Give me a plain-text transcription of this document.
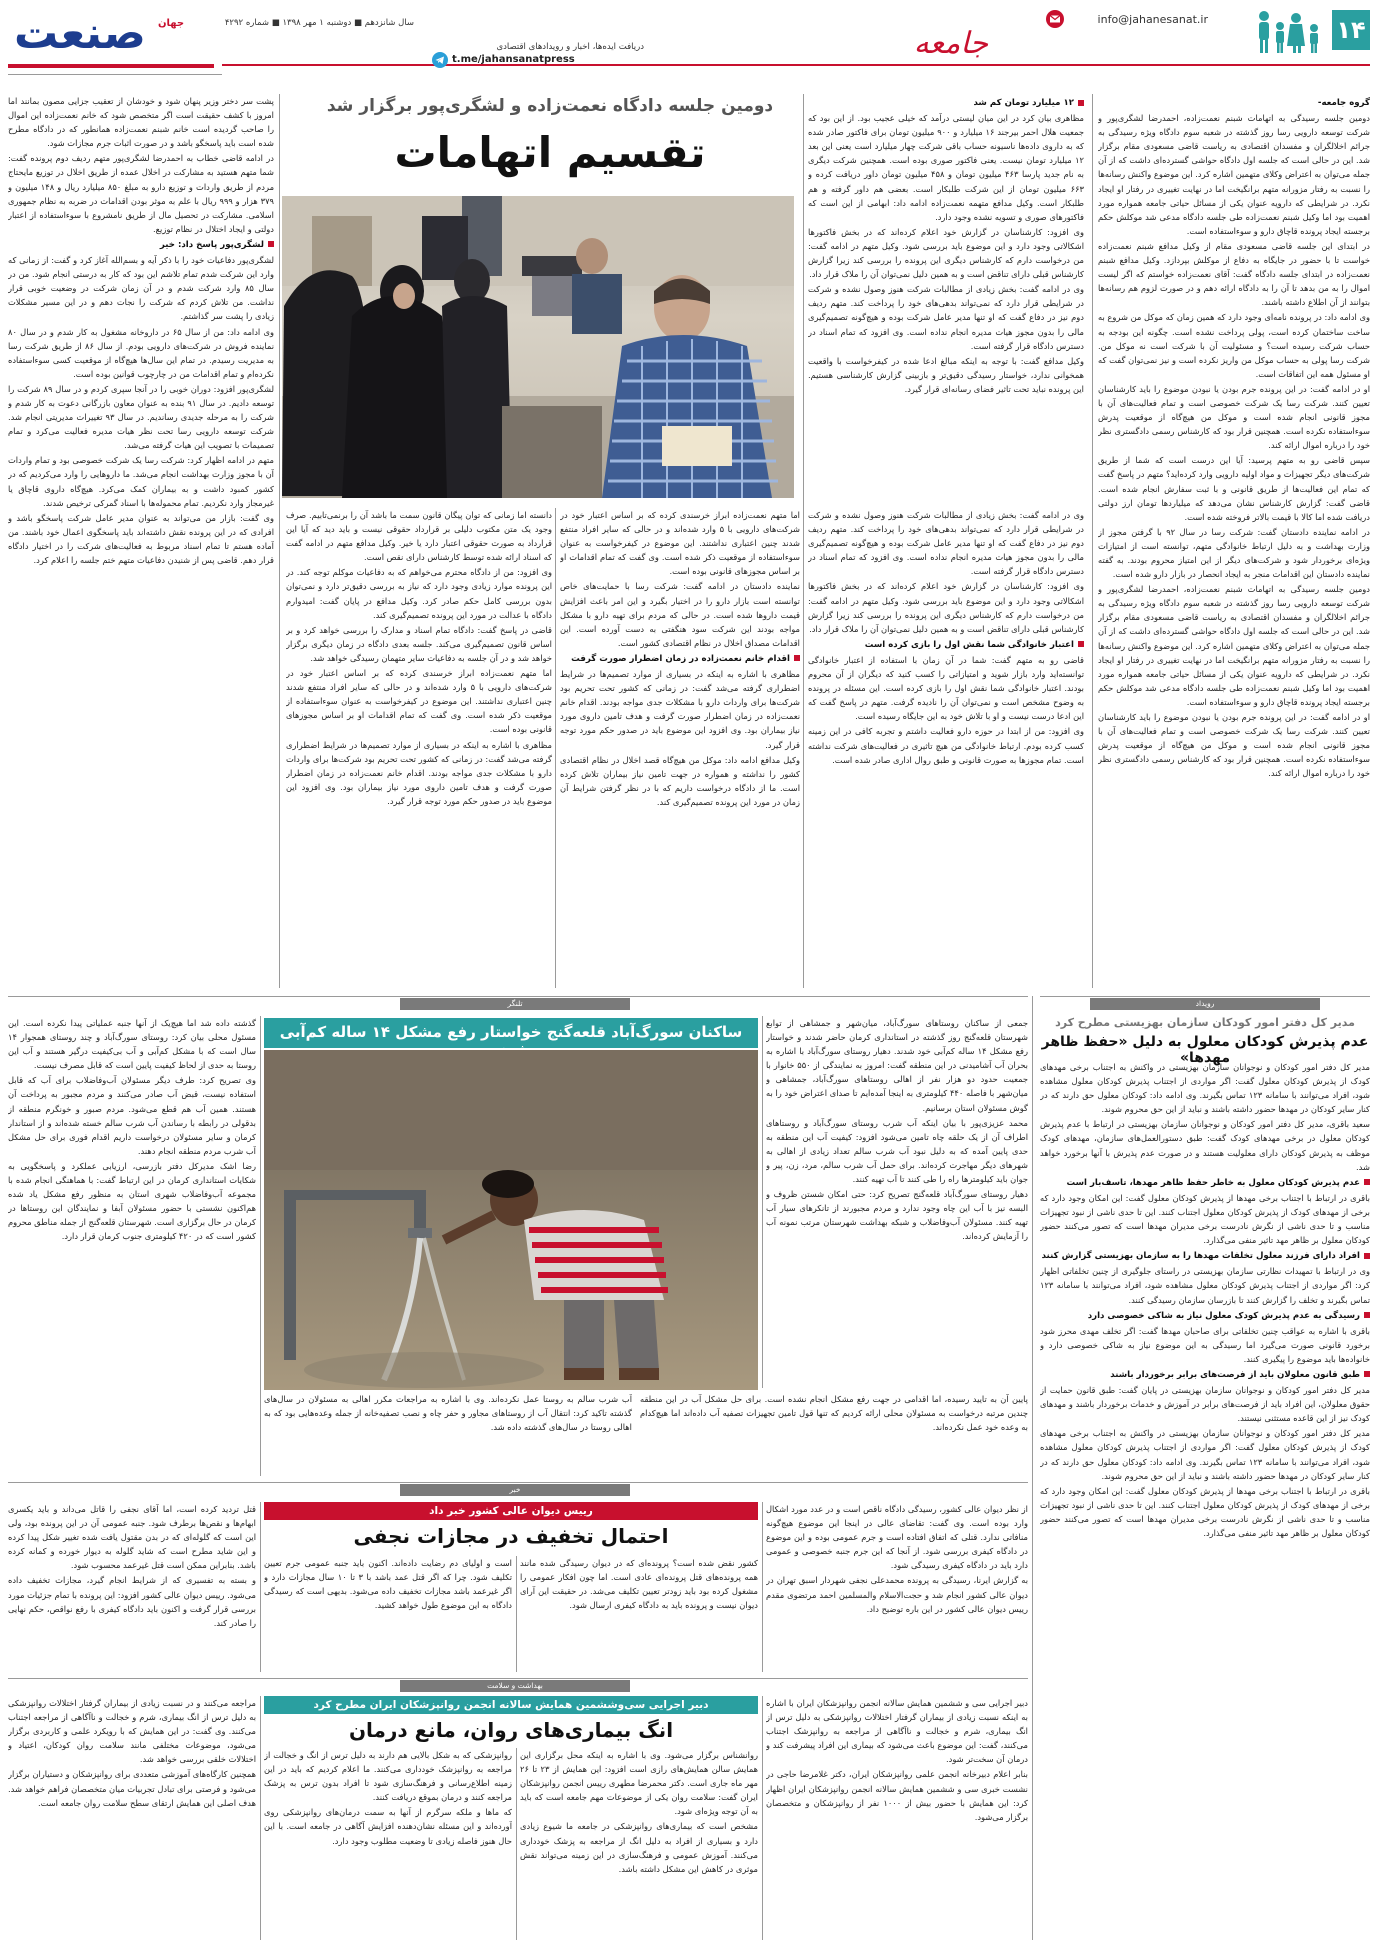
۱۴
info@jahanesanat.ir
جامعه
دریافت ایده‌ها، اخبار و رویدادهای اقتصادی
t.me/jahansanatpress
سال شانزدهم ■ دوشنبه ۱ مهر ۱۳۹۸ ■ شماره ۴۲۹۲
صنعت جهان
دومین جلسه دادگاه نعمت‌زاده و لشگری‌پور برگزار شد
تقسیم اتهامات
گروه جامعه-

دومین جلسه رسیدگی به اتهامات شبنم نعمت‌زاده، احمدرضا لشگری‌پور و شرکت توسعه دارویی رسا روز گذشته در شعبه سوم دادگاه ویژه رسیدگی به جرائم اخلالگران و مفسدان اقتصادی به ریاست قاضی مسعودی مقام برگزار شد. این در حالی است که جلسه اول دادگاه حواشی گسترده‌ای داشت که از آن جمله می‌توان به اعتراض وکلای متهمین اشاره کرد. این موضوع واکنش رسانه‌ها را نسبت به رفتار مزورانه متهم برانگیخت اما در نهایت تغییری در رفتار او ایجاد نکرد. در شرایطی که دارویه عنوان یکی از مسائل حیاتی جامعه همواره مورد اهمیت بود اما وکیل شبنم نعمت‌زاده طی جلسه دادگاه مدعی شد موکلش حکم برجسته ایجاد پرونده قاچاق دارو و سوءاستفاده است.

در ابتدای این جلسه قاضی مسعودی مقام از وکیل مدافع شبنم نعمت‌زاده خواست تا با حضور در جایگاه به دفاع از موکلش بپردازد. وکیل مدافع شبنم نعمت‌زاده در ابتدای جلسه دادگاه گفت: آقای نعمت‌زاده خواستم که اگر لیست اموال را به من بدهد تا آن را به دادگاه ارائه دهم و در صورت لزوم هم رسانه‌ها بتوانند از آن اطلاع داشته باشند.

وی ادامه داد: در پرونده نامه‌ای وجود دارد که همین زمان که موکل من شروع به ساخت ساختمان کرده است، پولی پرداخت نشده است. چگونه این بودجه به حساب شرکت رسیده است؟ و مسئولیت آن با شرکت است نه موکل من. شرکت رسا پولی به حساب موکل من واریز نکرده است و نیز نمی‌توان گفت که او مسئول همه این اتفاقات است.

او در ادامه گفت: در این پرونده جرم بودن یا نبودن موضوع را باید کارشناسان تعیین کنند. شرکت رسا یک شرکت خصوصی است و تمام فعالیت‌های آن با مجوز قانونی انجام شده است و موکل من هیچ‌گاه از موقعیت پدرش سوءاستفاده نکرده است. همچنین قرار بود که کارشناس رسمی دادگستری نظر خود را درباره اموال ارائه کند.

سپس قاضی رو به متهم پرسید: آیا این درست است که شما از طریق شرکت‌های دیگر تجهیزات و مواد اولیه دارویی وارد کرده‌اید؟ متهم در پاسخ گفت که تمام این فعالیت‌ها از طریق قانونی و با ثبت سفارش انجام شده است. قاضی گفت: گزارش کارشناس نشان می‌دهد که میلیاردها تومان ارز دولتی دریافت شده اما کالا با قیمت بالاتر فروخته شده است.

در ادامه نماینده دادستان گفت: شرکت رسا در سال ۹۲ با گرفتن مجوز از وزارت بهداشت و به دلیل ارتباط خانوادگی متهم، توانسته است از امتیازات ویژه‌ای برخوردار شود و شرکت‌های دیگر از این امتیاز محروم بودند. به گفته نماینده دادستان این اقدامات منجر به ایجاد انحصار در بازار دارو شده است.

دومین جلسه رسیدگی به اتهامات شبنم نعمت‌زاده، احمدرضا لشگری‌پور و شرکت توسعه دارویی رسا روز گذشته در شعبه سوم دادگاه ویژه رسیدگی به جرائم اخلالگران و مفسدان اقتصادی به ریاست قاضی مسعودی مقام برگزار شد. این در حالی است که جلسه اول دادگاه حواشی گسترده‌ای داشت که از آن جمله می‌توان به اعتراض وکلای متهمین اشاره کرد. این موضوع واکنش رسانه‌ها را نسبت به رفتار مزورانه متهم برانگیخت اما در نهایت تغییری در رفتار او ایجاد نکرد. در شرایطی که دارویه عنوان یکی از مسائل حیاتی جامعه همواره مورد اهمیت بود اما وکیل شبنم نعمت‌زاده طی جلسه دادگاه مدعی شد موکلش حکم برجسته ایجاد پرونده قاچاق دارو و سوءاستفاده است.

او در ادامه گفت: در این پرونده جرم بودن یا نبودن موضوع را باید کارشناسان تعیین کنند. شرکت رسا یک شرکت خصوصی است و تمام فعالیت‌های آن با مجوز قانونی انجام شده است و موکل من هیچ‌گاه از موقعیت پدرش سوءاستفاده نکرده است. همچنین قرار بود که کارشناس رسمی دادگستری نظر خود را درباره اموال ارائه کند.

۱۲ میلیارد تومان کم شد

مظاهری بیان کرد در این میان لیستی درآمد که خیلی عجیب بود. از این بود که جمعیت هلال احمر بیرجند ۱۶ میلیارد و ۹۰۰ میلیون تومان برای فاکتور صادر شده که به داروی داده‌ها ناسیونه حساب باقی شرکت چهار میلیارد است یعنی این بعد ۱۲ میلیارد تومان نیست. یعنی فاکتور صوری بوده است. همچنین شرکت دیگری به نام جدید پارسا ۴۶۳ میلیون تومان و ۴۵۸ میلیون تومان داور دریافت کرده و ۶۶۳ میلیون تومان از این شرکت طلبکار است. بعضی هم داور گرفته و هم طلبکار است. وکیل مدافع متهمه نعمت‌زاده ادامه داد: ابهامی از این است که فاکتورهای صوری و تسویه نشده وجود دارد.

وی افزود: کارشناسان در گزارش خود اعلام کرده‌اند که در بخش فاکتورها اشکالاتی وجود دارد و این موضوع باید بررسی شود. وکیل متهم در ادامه گفت: من درخواست دارم که کارشناس دیگری این پرونده را بررسی کند زیرا گزارش کارشناس قبلی دارای تناقض است و به همین دلیل نمی‌توان آن را ملاک قرار داد.

وی در ادامه گفت: بخش زیادی از مطالبات شرکت هنوز وصول نشده و شرکت در شرایطی قرار دارد که نمی‌تواند بدهی‌های خود را پرداخت کند. متهم ردیف دوم نیز در دفاع گفت که او تنها مدیر عامل شرکت بوده و هیچ‌گونه تصمیم‌گیری مالی را بدون مجوز هیات مدیره انجام نداده است. وی افزود که تمام اسناد در دسترس دادگاه قرار گرفته است.

وکیل مدافع گفت: با توجه به اینکه مبالغ ادعا شده در کیفرخواست با واقعیت همخوانی ندارد، خواستار رسیدگی دقیق‌تر و بازبینی گزارش کارشناسی هستیم. این پرونده نباید تحت تاثیر فضای رسانه‌ای قرار گیرد.

پشت سر دختر وزیر پنهان شود و خودشان از تعقیب جزایی مصون بمانند اما امروز با کشف حقیقت است اگر متخصص شود که خانم نعمت‌زاده این اموال را صاحب گردیده است خانم شبنم نعمت‌زاده همانطور که در دادگاه مطرح شده است باید پاسخگو باشد و در صورت اثبات جرم مجازات شود.

در ادامه قاضی خطاب به احمدرضا لشگری‌پور متهم ردیف دوم پرونده گفت: شما متهم هستید به مشارکت در اخلال عمده از طریق اخلال در توزیع مایحتاج مردم از طریق واردات و توزیع دارو به مبلغ ۸۵۰ میلیارد ریال و ۱۴۸ میلیون و ۳۷۹ هزار و ۹۹۹ ریال با علم به موثر بودن اقدامات در ضربه به نظام جمهوری اسلامی. مشارکت در تحصیل مال از طریق نامشروع با سوءاستفاده از اعتبار دولتی و ایجاد اختلال در نظام توزیع.

لشگری‌پور پاسخ داد: خیر

لشگری‌پور دفاعیات خود را با ذکر آیه و بسم‌الله آغاز کرد و گفت: از زمانی که وارد این شرکت شدم تمام تلاشم این بود که کار به درستی انجام شود. من در سال ۸۵ وارد شرکت شدم و در آن زمان شرکت در وضعیت خوبی قرار نداشت. من تلاش کردم که شرکت را نجات دهم و در این مسیر مشکلات زیادی را پشت سر گذاشتم.

وی ادامه داد: من از سال ۶۵ در داروخانه مشغول به کار شدم و در سال ۸۰ نماینده فروش در شرکت‌های دارویی بودم. از سال ۸۶ از طریق شرکت رسا به مدیریت رسیدم. در تمام این سال‌ها هیچ‌گاه از موقعیت کسی سوءاستفاده نکرده‌ام و تمام اقدامات من در چارچوب قوانین بوده است.

لشگری‌پور افزود: دوران خوبی را در آنجا سپری کردم و در سال ۸۹ شرکت را توسعه دادیم. در سال ۹۱ بنده به عنوان معاون بازرگانی دعوت به کار شدم و شرکت را به مرحله جدیدی رساندیم. در سال ۹۳ تغییرات مدیریتی انجام شد. شرکت توسعه دارویی رسا تحت نظر هیات مدیره فعالیت می‌کرد و تمام تصمیمات با تصویب این هیات گرفته می‌شد.

متهم در ادامه اظهار کرد: شرکت رسا یک شرکت خصوصی بود و تمام واردات آن با مجوز وزارت بهداشت انجام می‌شد. ما داروهایی را وارد می‌کردیم که در کشور کمبود داشت و به بیماران کمک می‌کرد. هیچ‌گاه داروی قاچاق یا غیرمجاز وارد نکردیم. تمام محموله‌ها با اسناد گمرکی ترخیص شدند.

وی گفت: بازار من می‌تواند به عنوان مدیر عامل شرکت پاسخگو باشد و افرادی که در این پرونده نقش داشته‌اند باید پاسخگوی اعمال خود باشند. من آماده هستم تا تمام اسناد مربوط به فعالیت‌های شرکت را در اختیار دادگاه قرار دهم. قاضی پس از شنیدن دفاعیات متهم ختم جلسه را اعلام کرد.

اما متهم نعمت‌زاده ابراز خرسندی کرده که بر اساس اعتبار خود در شرکت‌های دارویی با ۵ وارد شده‌اند و در حالی که سایر افراد منتفع شدند چنین اعتباری نداشتند. این موضوع در کیفرخواست به عنوان سوءاستفاده از موقعیت ذکر شده است. وی گفت که تمام اقدامات او بر اساس مجوزهای قانونی بوده است.

نماینده دادستان در ادامه گفت: شرکت رسا با حمایت‌های خاص توانسته است بازار دارو را در اختیار بگیرد و این امر باعث افزایش قیمت داروها شده است. در حالی که مردم برای تهیه دارو با مشکل مواجه بودند این شرکت سود هنگفتی به دست آورده است. این اقدامات مصداق اخلال در نظام اقتصادی کشور است.

اقدام خانم نعمت‌زاده در زمان اضطرار صورت گرفت

مظاهری با اشاره به اینکه در بسیاری از موارد تصمیم‌ها در شرایط اضطراری گرفته می‌شد گفت: در زمانی که کشور تحت تحریم بود شرکت‌ها برای واردات دارو با مشکلات جدی مواجه بودند. اقدام خانم نعمت‌زاده در زمان اضطرار صورت گرفت و هدف تامین داروی مورد نیاز بیماران بود. وی افزود این موضوع باید در صدور حکم مورد توجه قرار گیرد.

وکیل مدافع ادامه داد: موکل من هیچ‌گاه قصد اخلال در نظام اقتصادی کشور را نداشته و همواره در جهت تامین نیاز بیماران تلاش کرده است. ما از دادگاه درخواست داریم که با در نظر گرفتن شرایط آن زمان در مورد این پرونده تصمیم‌گیری کند.

دانسته اما زمانی که توان پیگان قانون سمت ما باشد آن را برنمی‌تابیم. صرف وجود یک متن مکتوب دلیلی بر قرارداد حقوقی نیست و باید دید که آیا این قرارداد به صورت حقوقی اعتبار دارد یا خیر. وکیل مدافع متهم در ادامه گفت که اسناد ارائه شده توسط کارشناس دارای نقص است.

وی افزود: من از دادگاه محترم می‌خواهم که به دفاعیات موکلم توجه کند. در این پرونده موارد زیادی وجود دارد که نیاز به بررسی دقیق‌تر دارد و نمی‌توان بدون بررسی کامل حکم صادر کرد. وکیل مدافع در پایان گفت: امیدوارم دادگاه با عدالت در مورد این پرونده تصمیم‌گیری کند.

قاضی در پاسخ گفت: دادگاه تمام اسناد و مدارک را بررسی خواهد کرد و بر اساس قانون تصمیم‌گیری می‌کند. جلسه بعدی دادگاه در زمان دیگری برگزار خواهد شد و در آن جلسه به دفاعیات سایر متهمان رسیدگی خواهد شد.

اما متهم نعمت‌زاده ابراز خرسندی کرده که بر اساس اعتبار خود در شرکت‌های دارویی با ۵ وارد شده‌اند و در حالی که سایر افراد منتفع شدند چنین اعتباری نداشتند. این موضوع در کیفرخواست به عنوان سوءاستفاده از موقعیت ذکر شده است. وی گفت که تمام اقدامات او بر اساس مجوزهای قانونی بوده است.

مظاهری با اشاره به اینکه در بسیاری از موارد تصمیم‌ها در شرایط اضطراری گرفته می‌شد گفت: در زمانی که کشور تحت تحریم بود شرکت‌ها برای واردات دارو با مشکلات جدی مواجه بودند. اقدام خانم نعمت‌زاده در زمان اضطرار صورت گرفت و هدف تامین داروی مورد نیاز بیماران بود. وی افزود این موضوع باید در صدور حکم مورد توجه قرار گیرد.

وی در ادامه گفت: بخش زیادی از مطالبات شرکت هنوز وصول نشده و شرکت در شرایطی قرار دارد که نمی‌تواند بدهی‌های خود را پرداخت کند. متهم ردیف دوم نیز در دفاع گفت که او تنها مدیر عامل شرکت بوده و هیچ‌گونه تصمیم‌گیری مالی را بدون مجوز هیات مدیره انجام نداده است. وی افزود که تمام اسناد در دسترس دادگاه قرار گرفته است.

وی افزود: کارشناسان در گزارش خود اعلام کرده‌اند که در بخش فاکتورها اشکالاتی وجود دارد و این موضوع باید بررسی شود. وکیل متهم در ادامه گفت: من درخواست دارم که کارشناس دیگری این پرونده را بررسی کند زیرا گزارش کارشناس قبلی دارای تناقض است و به همین دلیل نمی‌توان آن را ملاک قرار داد.

اعتبار خانوادگی شما نقش اول را بازی کرده است

قاضی رو به متهم گفت: شما در آن زمان با استفاده از اعتبار خانوادگی توانسته‌اید وارد بازار شوید و امتیازاتی را کسب کنید که دیگران از آن محروم بودند. اعتبار خانوادگی شما نقش اول را بازی کرده است. این مسئله در پرونده به وضوح مشخص است و نمی‌توان آن را نادیده گرفت. متهم در پاسخ گفت که این ادعا درست نیست و او با تلاش خود به این جایگاه رسیده است.

وی افزود: من از ابتدا در حوزه دارو فعالیت داشتم و تجربه کافی در این زمینه کسب کرده بودم. ارتباط خانوادگی من هیچ تاثیری در فعالیت‌های شرکت نداشته است. تمام مجوزها به صورت قانونی و طبق روال اداری صادر شده است.

رویداد
مدیر کل دفتر امور کودکان سازمان بهزیستی مطرح کرد
عدم پذیرش کودکان معلول به دلیل «حفظ ظاهر مهدها»

مدیر کل دفتر امور کودکان و نوجوانان سازمان بهزیستی در واکنش به اجتناب برخی مهدهای کودک از پذیرش کودکان معلول گفت: اگر مواردی از اجتناب پذیرش کودکان معلول مشاهده شود، افراد می‌توانند با سامانه ۱۲۳ تماس بگیرند. وی ادامه داد: کودکان معلول حق دارند که در کنار سایر کودکان در مهدها حضور داشته باشند و نباید از این حق محروم شوند.

سعید باقری، مدیر کل دفتر امور کودکان و نوجوانان سازمان بهزیستی در ارتباط با عدم پذیرش کودکان معلول در برخی مهدهای کودک گفت: طبق دستورالعمل‌های سازمان، مهدهای کودک موظف به پذیرش کودکان دارای معلولیت هستند و در صورت عدم پذیرش با آنها برخورد خواهد شد.

عدم پذیرش کودکان معلول به خاطر حفظ ظاهر مهدها، تاسف‌بار است

باقری در ارتباط با اجتناب برخی مهدها از پذیرش کودکان معلول گفت: این امکان وجود دارد که برخی از مهدهای کودک از پذیرش کودکان معلول اجتناب کنند. این تا حدی ناشی از نبود تجهیزات مناسب و تا حدی ناشی از نگرش نادرست برخی مدیران مهدها است که تصور می‌کنند حضور کودکان معلول بر ظاهر مهد تاثیر منفی می‌گذارد.

افراد دارای فرزند معلول تخلفات مهدها را به سازمان بهزیستی گزارش کنند

وی در ارتباط با تمهیدات نظارتی سازمان بهزیستی در راستای جلوگیری از چنین تخلفاتی اظهار کرد: اگر مواردی از اجتناب پذیرش کودکان معلول مشاهده شود، افراد می‌توانند با سامانه ۱۲۳ تماس بگیرند و تخلف را گزارش کنند تا بازرسان سازمان رسیدگی کنند.

رسیدگی به عدم پذیرش کودک معلول نیاز به شاکی خصوصی دارد

باقری با اشاره به عواقب چنین تخلفاتی برای صاحبان مهدها گفت: اگر تخلف مهدی محرز شود برخورد قانونی صورت می‌گیرد اما رسیدگی به این موضوع نیاز به شاکی خصوصی دارد و خانواده‌ها باید موضوع را پیگیری کنند.

طبق قانون معلولان باید از فرصت‌های برابر برخوردار باشند

مدیر کل دفتر امور کودکان و نوجوانان سازمان بهزیستی در پایان گفت: طبق قانون حمایت از حقوق معلولان، این افراد باید از فرصت‌های برابر در آموزش و خدمات برخوردار باشند و مهدهای کودک نیز از این قاعده مستثنی نیستند.

مدیر کل دفتر امور کودکان و نوجوانان سازمان بهزیستی در واکنش به اجتناب برخی مهدهای کودک از پذیرش کودکان معلول گفت: اگر مواردی از اجتناب پذیرش کودکان معلول مشاهده شود، افراد می‌توانند با سامانه ۱۲۳ تماس بگیرند. وی ادامه داد: کودکان معلول حق دارند که در کنار سایر کودکان در مهدها حضور داشته باشند و نباید از این حق محروم شوند.

باقری در ارتباط با اجتناب برخی مهدها از پذیرش کودکان معلول گفت: این امکان وجود دارد که برخی از مهدهای کودک از پذیرش کودکان معلول اجتناب کنند. این تا حدی ناشی از نبود تجهیزات مناسب و تا حدی ناشی از نگرش نادرست برخی مدیران مهدها است که تصور می‌کنند حضور کودکان معلول بر ظاهر مهد تاثیر منفی می‌گذارد.

تلنگر
ساکنان سورگ‌آباد قلعه‌گنج خواستار رفع مشکل ۱۴ ساله کم‌آبی	جمعی از ساکنان روستاهای سورگ‌آباد، میان‌شهر و جمشاهی از توابع شهرستان قلعه‌گنج روز گذشته در استانداری کرمان حاضر شدند و خواستار رفع مشکل ۱۴ ساله کم‌آبی خود شدند. دهیار روستای سورگ‌آباد با اشاره به بحران آب آشامیدنی در این منطقه گفت: امروز به نمایندگی از ۵۵۰ خانوار با جمعیت حدود دو هزار نفر از اهالی روستاهای سورگ‌آباد، جمشاهی و میان‌شهر با فاصله ۴۴۰ کیلومتری به اینجا آمده‌ایم تا صدای اعتراض خود را به گوش مسئولان استان برسانیم.

محمد عزیزی‌پور با بیان اینکه آب شرب روستای سورگ‌آباد و روستاهای اطراف آن از یک حلقه چاه تامین می‌شود افزود: کیفیت آب این منطقه به حدی پایین آمده که به دلیل نبود آب شرب سالم تعداد زیادی از اهالی به شهرهای دیگر مهاجرت کرده‌اند. برای حمل آب شرب سالم، مرد، زن، پیر و جوان باید کیلومترها راه را طی کنند تا آب تهیه کنند.

دهیار روستای سورگ‌آباد قلعه‌گنج تصریح کرد: حتی امکان شستن ظروف و البسه نیز با آب این چاه وجود ندارد و مردم مجبورند از تانکرهای سیار آب تهیه کنند. مسئولان آب‌وفاضلاب و شبکه بهداشت شهرستان مرتب نمونه آب را آزمایش کرده‌اند.

پایین آن به تایید رسیده، اما اقدامی در جهت رفع مشکل انجام نشده است. برای حل مشکل آب در این منطقه چندین مرتبه درخواست به مسئولان محلی ارائه کردیم که تنها قول تامین تجهیزات تصفیه آب داده‌اند اما هیچ‌کدام به وعده خود عمل نکرده‌اند.

آب شرب سالم به روستا عمل نکرده‌اند. وی با اشاره به مراجعات مکرر اهالی به مسئولان در سال‌های گذشته تاکید کرد: انتقال آب از روستاهای مجاور و حفر چاه و نصب تصفیه‌خانه از جمله وعده‌هایی بود که به اهالی روستا در سال‌های گذشته داده شد.

گذشته داده شد اما هیچ‌یک از آنها جنبه عملیاتی پیدا نکرده است. این مسئول محلی بیان کرد: روستای سورگ‌آباد و چند روستای همجوار ۱۴ سال است که با مشکل کم‌آبی و آب بی‌کیفیت درگیر هستند و آب این روستا به حدی از لحاظ کیفیت پایین است که قابل مصرف نیست.

وی تصریح کرد: طرف دیگر مسئولان آب‌وفاضلاب برای آب که قابل استفاده نیست، قبض آب صادر می‌کنند و مردم مجبور به پرداخت آن هستند. همین آب هم قطع می‌شود. مردم صبور و خونگرم منطقه از بدقولی در رابطه با رساندن آب شرب سالم خسته شده‌اند و از استاندار کرمان و سایر مسئولان درخواست داریم اقدام فوری برای حل مشکل آب شرب مردم منطقه انجام دهند.

رضا اشک مدیرکل دفتر بازرسی، ارزیابی عملکرد و پاسخگویی به شکایات استانداری کرمان در این ارتباط گفت: با هماهنگی انجام شده با مجموعه آب‌وفاضلاب شهری استان به منظور رفع مشکل یاد شده هم‌اکنون نشستی با حضور مسئولان آبفا و نمایندگان این روستاها در کرمان در حال برگزاری است. شهرستان قلعه‌گنج از جمله مناطق محروم کشور است که در ۴۲۰ کیلومتری جنوب کرمان قرار دارد.

خبر
رییس دیوان عالی کشور خبر داد
احتمال تخفیف در مجازات نجفی

از نظر دیوان عالی کشور، رسیدگی دادگاه ناقص است و در عدد مورد اشکال وارد بوده است. وی گفت: تقاضای عالی در اینجا این موضوع هیچ‌گونه منافاتی ندارد. قتلی که اتفاق افتاده است و جرم عمومی بوده و این موضوع در دادگاه کیفری بررسی شود. از آنجا که این جرم جنبه خصوصی و عمومی دارد باید در دادگاه کیفری رسیدگی شود.

به گزارش ایرنا، رسیدگی به پرونده محمدعلی نجفی شهردار اسبق تهران در دیوان عالی کشور انجام شد و حجت‌الاسلام والمسلمین احمد مرتضوی مقدم رییس دیوان عالی کشور در این باره توضیح داد.

کشور نقض شده است؟ پرونده‌ای که در دیوان رسیدگی شده مانند همه پرونده‌های قتل پرونده‌ای عادی است. اما چون افکار عمومی را مشغول کرده بود باید زودتر تعیین تکلیف می‌شد. در حقیقت این آرای دیوان نیست و پرونده باید به دادگاه کیفری ارسال شود.

است و اولیای دم رضایت داده‌اند. اکنون باید جنبه عمومی جرم تعیین تکلیف شود. چرا که اگر قتل عمد باشد با ۳ تا ۱۰ سال مجازات دارد و اگر غیرعمد باشد مجازات تخفیف داده می‌شود. بدیهی است که رسیدگی دادگاه به این موضوع طول خواهد کشید.

قتل تردید کرده است، اما آقای نجفی را قاتل می‌داند و باید یکسری ابهام‌ها و نقص‌ها برطرف شود. جنبه عمومی آن در این پرونده بود، ولی این است که گلوله‌ای که در بدن مقتول یافت شده تغییر شکل پیدا کرده و این شاید مطرح است که شاید گلوله به دیوار خورده و کمانه کرده باشد. بنابراین ممکن است قتل غیرعمد محسوب شود.

و بسته به تفسیری که از شرایط انجام گیرد، مجازات تخفیف داده می‌شود. رییس دیوان عالی کشور افزود: این پرونده با تمام جزئیات مورد بررسی قرار گرفت و اکنون باید دادگاه کیفری با رفع نواقص، حکم نهایی را صادر کند.

بهداشت و سلامت
دبیر اجرایی سی‌وششمین همایش سالانه انجمن روانپزشکان ایران مطرح کرد
انگ بیماری‌های روان، مانع درمان

دبیر اجرایی سی و ششمین همایش سالانه انجمن روانپزشکان ایران با اشاره به اینکه نسبت زیادی از بیماران گرفتار اختلالات روانپزشکی به دلیل ترس از انگ بیماری، شرم و خجالت و ناآگاهی از مراجعه به روانپزشک اجتناب می‌کنند، گفت: این موضوع باعث می‌شود که بیماری این افراد پیشرفت کند و درمان آن سخت‌تر شود.

بنابر اعلام دبیرخانه انجمن علمی روانپزشکان ایران، دکتر غلامرضا حاجی در نشست خبری سی و ششمین همایش سالانه انجمن روانپزشکان ایران اظهار کرد: این همایش با حضور بیش از ۱۰۰۰ نفر از روانپزشکان و متخصصان برگزار می‌شود.

روانشناس برگزار می‌شود. وی با اشاره به اینکه محل برگزاری این همایش سالن همایش‌های رازی است افزود: این همایش از ۲۳ تا ۲۶ مهر ماه جاری است. دکتر محمرضا مطهری رییس انجمن روانپزشکان ایران گفت: سلامت روان یکی از موضوعات مهم جامعه است که باید به آن توجه ویژه‌ای شود.

مشخص است که بیماری‌های روانپزشکی در جامعه ما شیوع زیادی دارد و بسیاری از افراد به دلیل انگ از مراجعه به پزشک خودداری می‌کنند. آموزش عمومی و فرهنگ‌سازی در این زمینه می‌تواند نقش موثری در کاهش این مشکل داشته باشد.

روانپزشکی که به شکل بالایی هم دارند به دلیل ترس از انگ و خجالت از مراجعه به روانپزشک خودداری می‌کنند. ما اعلام کردیم که باید در این زمینه اطلاع‌رسانی و فرهنگ‌سازی شود تا افراد بدون ترس به پزشک مراجعه کنند و درمان بموقع دریافت کنند.

که ماها و ملکه سرگرم از آنها به سمت درمان‌های روانپزشکی روی آورده‌اند و این مسئله نشان‌دهنده افزایش آگاهی در جامعه است. با این حال هنوز فاصله زیادی تا وضعیت مطلوب وجود دارد.

مراجعه می‌کنند و در نسبت زیادی از بیماران گرفتار اختلالات روانپزشکی به دلیل ترس از انگ بیماری، شرم و خجالت و ناآگاهی از مراجعه اجتناب می‌کنند. وی گفت: در این همایش که با رویکرد علمی و کاربردی برگزار می‌شود، موضوعات مختلفی مانند سلامت روان کودکان، اعتیاد و اختلالات خلقی بررسی خواهد شد.

همچنین کارگاه‌های آموزشی متعددی برای روانپزشکان و دستیاران برگزار می‌شود و فرصتی برای تبادل تجربیات میان متخصصان فراهم خواهد شد. هدف اصلی این همایش ارتقای سطح سلامت روان جامعه است.
